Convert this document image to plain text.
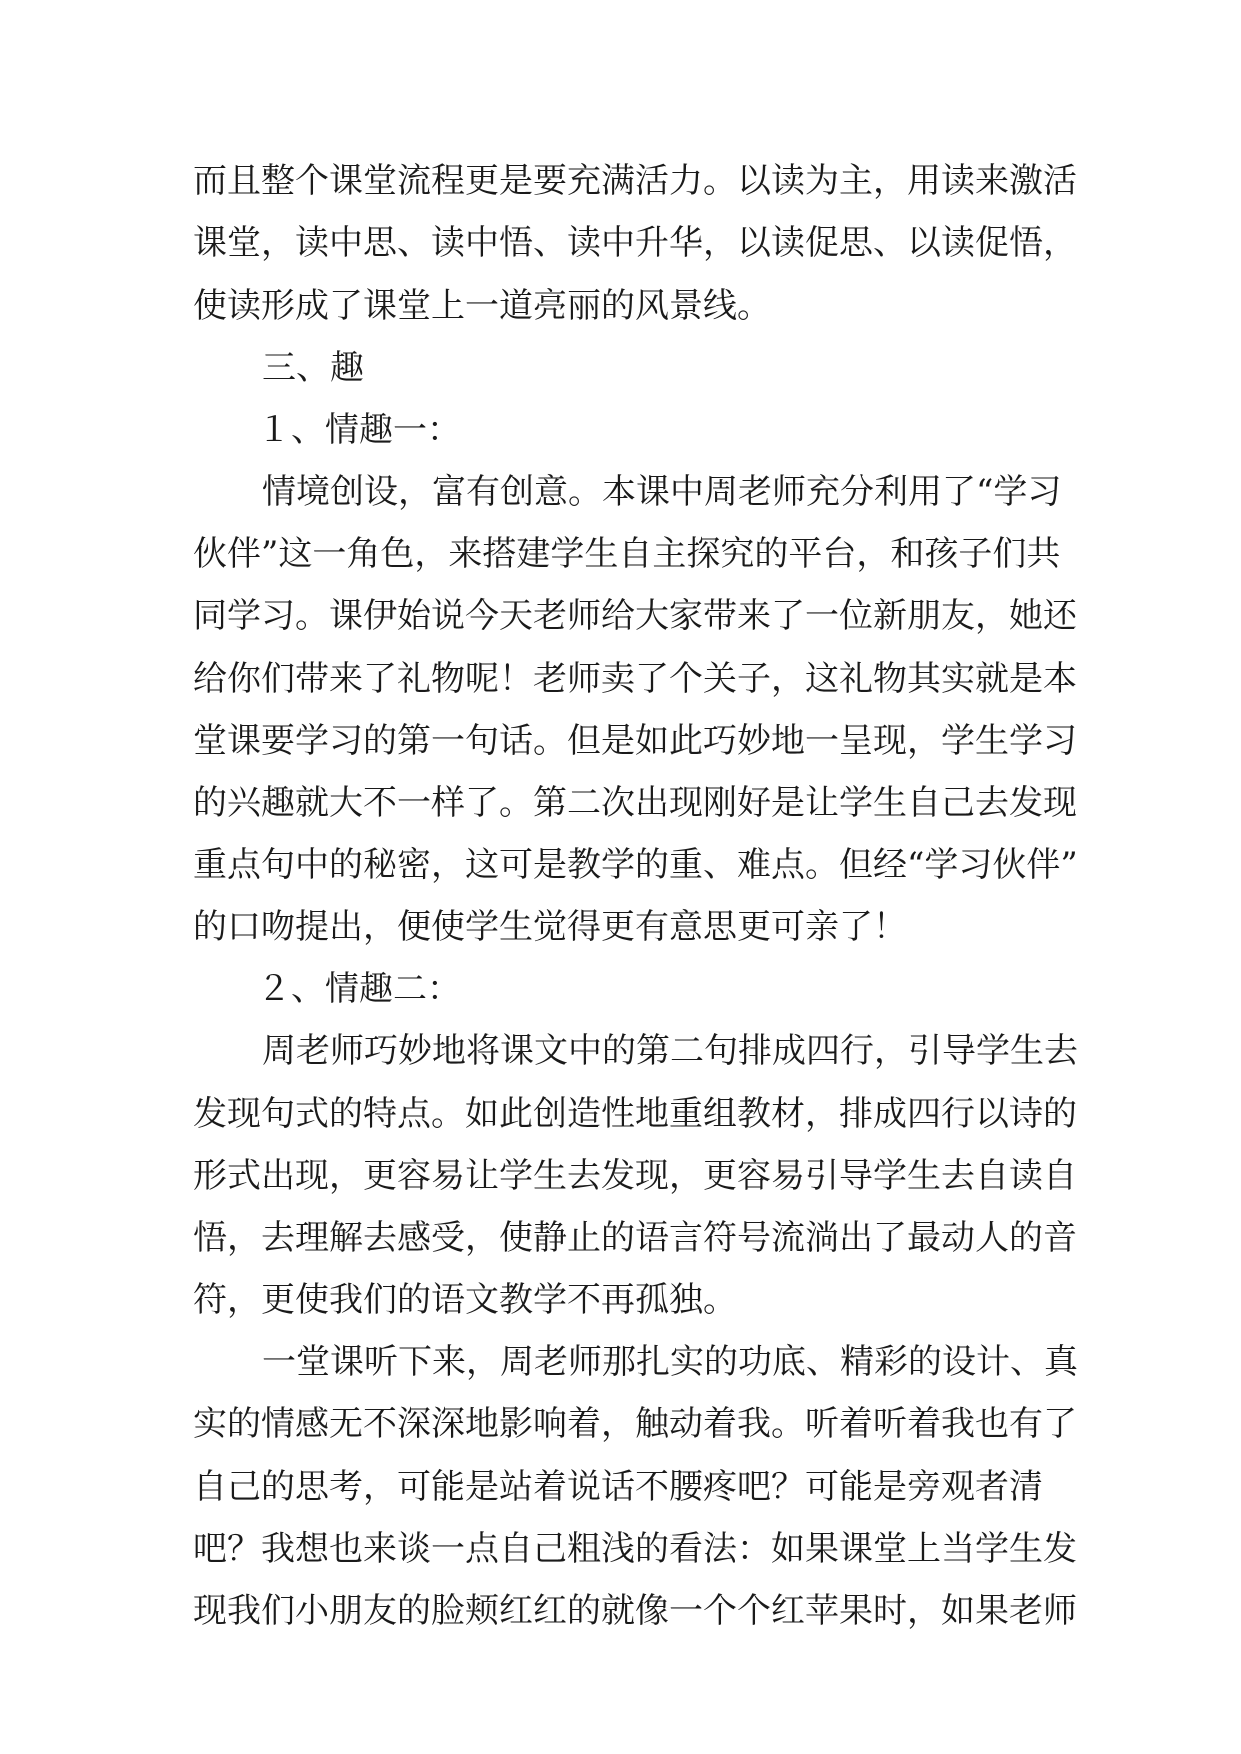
而且整个课堂流程更是要充满活力。以读为主，用读来激活
课堂，读中思、读中悟、读中升华，以读促思、以读促悟，
使读形成了课堂上一道亮丽的风景线。
三、趣
１、情趣一：
情境创设，富有创意。本课中周老师充分利用了“学习
伙伴”这一角色，来搭建学生自主探究的平台，和孩子们共
同学习。课伊始说今天老师给大家带来了一位新朋友，她还
给你们带来了礼物呢！老师卖了个关子，这礼物其实就是本
堂课要学习的第一句话。但是如此巧妙地一呈现，学生学习
的兴趣就大不一样了。第二次出现刚好是让学生自己去发现
重点句中的秘密，这可是教学的重、难点。但经“学习伙伴”
的口吻提出，便使学生觉得更有意思更可亲了！
２、情趣二：
周老师巧妙地将课文中的第二句排成四行，引导学生去
发现句式的特点。如此创造性地重组教材，排成四行以诗的
形式出现，更容易让学生去发现，更容易引导学生去自读自
悟，去理解去感受，使静止的语言符号流淌出了最动人的音
符，更使我们的语文教学不再孤独。
一堂课听下来，周老师那扎实的功底、精彩的设计、真
实的情感无不深深地影响着，触动着我。听着听着我也有了
自己的思考，可能是站着说话不腰疼吧？可能是旁观者清
吧？我想也来谈一点自己粗浅的看法：如果课堂上当学生发
现我们小朋友的脸颊红红的就像一个个红苹果时，如果老师
